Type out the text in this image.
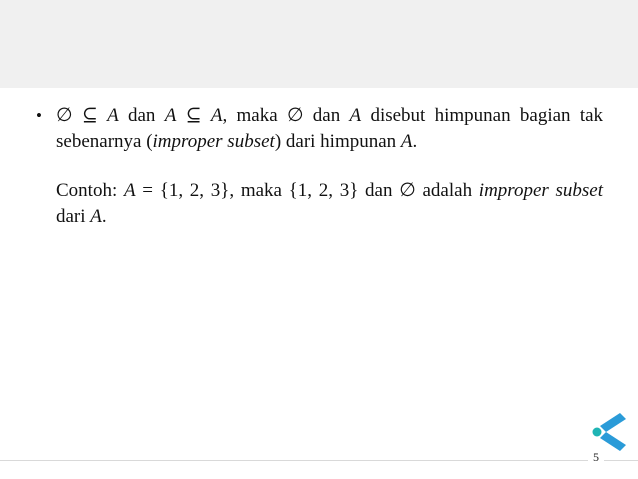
• ∅ ⊆ A dan A ⊆ A, maka ∅ dan A disebut himpunan bagian tak sebenarnya (improper subset) dari himpunan A.

Contoh: A = {1, 2, 3}, maka {1, 2, 3} dan ∅ adalah improper subset dari A.

5
